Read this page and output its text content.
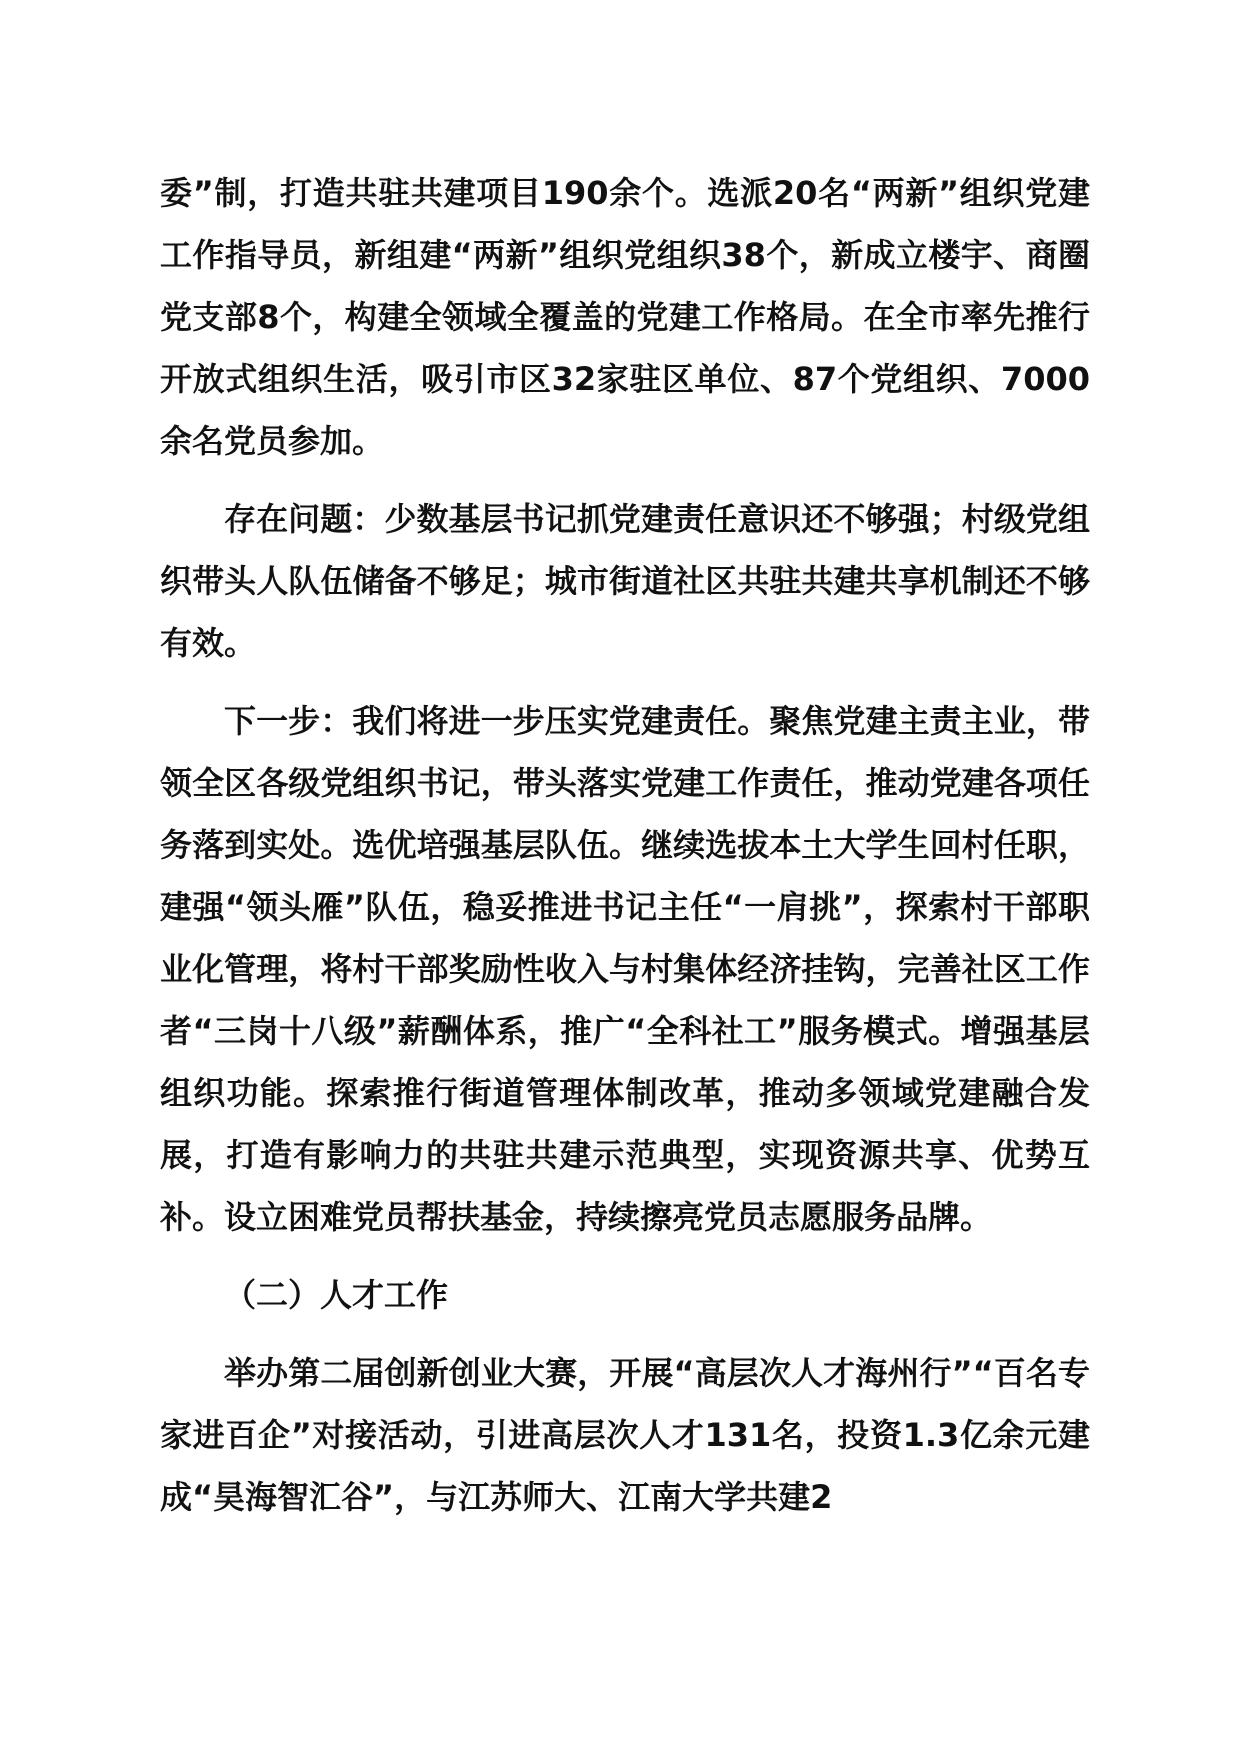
委”制，打造共驻共建项目190余个。选派20名“两新”组织党建工作指导员，新组建“两新”组织党组织38个，新成立楼宇、商圈党支部8个，构建全领域全覆盖的党建工作格局。在全市率先推行开放式组织生活，吸引市区32家驻区单位、87个党组织、7000余名党员参加。

存在问题：少数基层书记抓党建责任意识还不够强；村级党组织带头人队伍储备不够足；城市街道社区共驻共建共享机制还不够有效。

下一步：我们将进一步压实党建责任。聚焦党建主责主业，带领全区各级党组织书记，带头落实党建工作责任，推动党建各项任务落到实处。选优培强基层队伍。继续选拔本土大学生回村任职，建强“领头雁”队伍，稳妥推进书记主任“一肩挑”，探索村干部职业化管理，将村干部奖励性收入与村集体经济挂钩，完善社区工作者“三岗十八级”薪酬体系，推广“全科社工”服务模式。增强基层组织功能。探索推行街道管理体制改革，推动多领域党建融合发展，打造有影响力的共驻共建示范典型，实现资源共享、优势互补。设立困难党员帮扶基金，持续擦亮党员志愿服务品牌。

（二）人才工作

举办第二届创新创业大赛，开展“高层次人才海州行”“百名专家进百企”对接活动，引进高层次人才131名，投资1.3亿余元建成“昊海智汇谷”，与江苏师大、江南大学共建2
